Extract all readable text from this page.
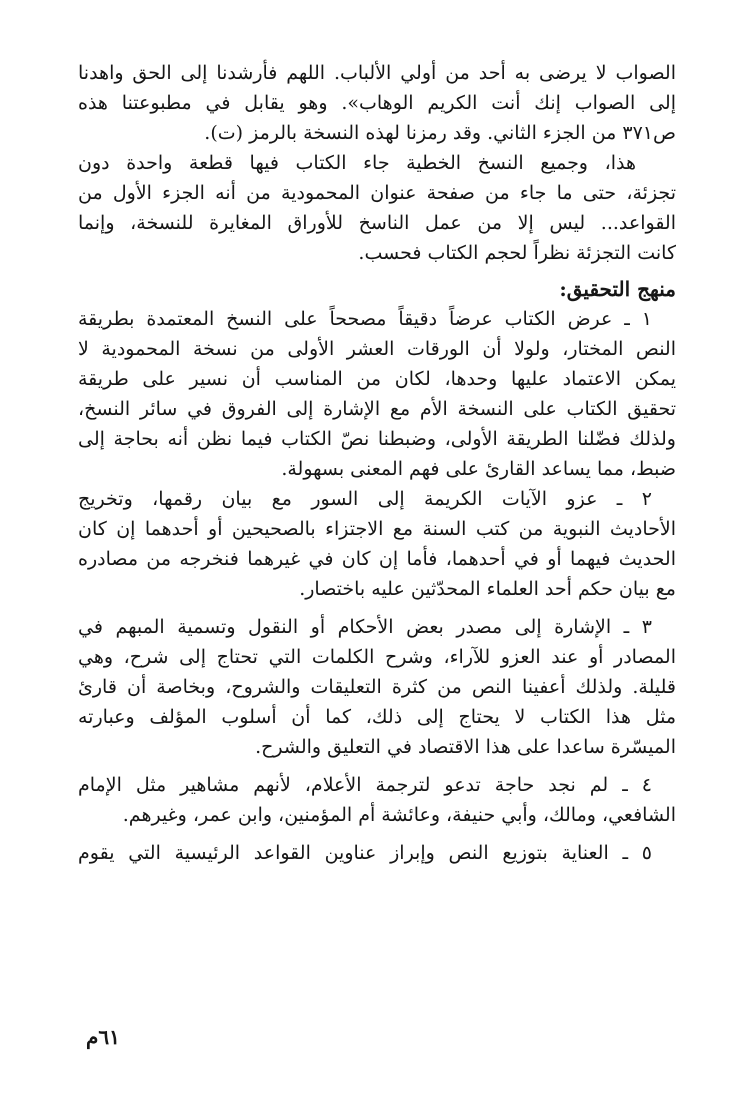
الصواب لا يرضى به أحد من أولي الألباب. اللهم فأرشدنا إلى الحق واهدنا
إلى الصواب إنك أنت الكريم الوهاب». وهو يقابل في مطبوعتنا هذه
ص٣٧١ من الجزء الثاني. وقد رمزنا لهذه النسخة بالرمز (ت).
هذا، وجميع النسخ الخطية جاء الكتاب فيها قطعة واحدة دون
تجزئة، حتى ما جاء من صفحة عنوان المحمودية من أنه الجزء الأول من
القواعد... ليس إلا من عمل الناسخ للأوراق المغايرة للنسخة، وإنما
كانت التجزئة نظراً لحجم الكتاب فحسب.
منهج التحقيق:
١ ـ عرض الكتاب عرضاً دقيقاً مصححاً على النسخ المعتمدة بطريقة
النص المختار، ولولا أن الورقات العشر الأولى من نسخة المحمودية لا
يمكن الاعتماد عليها وحدها، لكان من المناسب أن نسير على طريقة
تحقيق الكتاب على النسخة الأم مع الإشارة إلى الفروق في سائر النسخ،
ولذلك فضّلنا الطريقة الأولى، وضبطنا نصّ الكتاب فيما نظن أنه بحاجة إلى
ضبط، مما يساعد القارئ على فهم المعنى بسهولة.
٢ ـ عزو الآيات الكريمة إلى السور مع بيان رقمها، وتخريج
الأحاديث النبوية من كتب السنة مع الاجتزاء بالصحيحين أو أحدهما إن كان
الحديث فيهما أو في أحدهما، فأما إن كان في غيرهما فنخرجه من مصادره
مع بيان حكم أحد العلماء المحدّثين عليه باختصار.
٣ ـ الإشارة إلى مصدر بعض الأحكام أو النقول وتسمية المبهم في
المصادر أو عند العزو للآراء، وشرح الكلمات التي تحتاج إلى شرح، وهي
قليلة. ولذلك أعفينا النص من كثرة التعليقات والشروح، وبخاصة أن قارئ
مثل هذا الكتاب لا يحتاج إلى ذلك، كما أن أسلوب المؤلف وعبارته
الميسّرة ساعدا على هذا الاقتصاد في التعليق والشرح.
٤ ـ لم نجد حاجة تدعو لترجمة الأعلام، لأنهم مشاهير مثل الإمام
الشافعي، ومالك، وأبي حنيفة، وعائشة أم المؤمنين، وابن عمر، وغيرهم.
٥ ـ العناية بتوزيع النص وإبراز عناوين القواعد الرئيسية التي يقوم
٦١م
